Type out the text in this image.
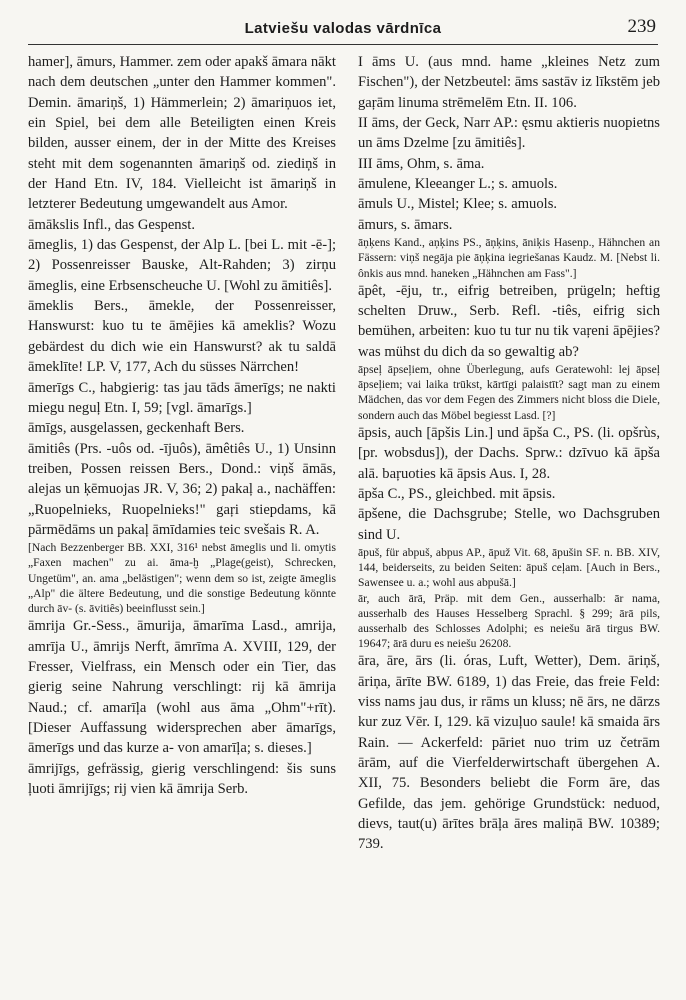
Latviešu valodas vārdnīca	239

hamer], āmurs, Hammer. zem oder apakš āmara nākt nach dem deutschen „unter den Hammer kommen". Demin. āmariņš, 1) Hämmerlein; 2) āmariņuos iet, ein Spiel, bei dem alle Beteiligten einen Kreis bilden, ausser einem, der in der Mitte des Kreises steht mit dem sogenannten āmariņš od. ziediņš in der Hand Etn. IV, 184. Vielleicht ist āmariņš in letzterer Bedeutung umgewandelt aus Amor.

āmākslis Infl., das Gespenst.

āmeglis, 1) das Gespenst, der Alp L. [bei L. mit -ē-]; 2) Possenreisser Bauske, Alt-Rahden; 3) zirņu āmeglis, eine Erbsenscheuche U. [Wohl zu āmitiês].

āmeklis Bers., āmekle, der Possenreisser, Hanswurst: kuo tu te āmējies kā ameklis? Wozu gebärdest du dich wie ein Hanswurst? ak tu saldā āmeklīte! LP. V, 177, Ach du süsses Närrchen!

āmerīgs C., habgierig: tas jau tāds āmerīgs; ne nakti miegu neguļ Etn. I, 59; [vgl. āmarīgs.]

āmīgs, ausgelassen, geckenhaft Bers.

āmitiês (Prs. -uôs od. -ījuôs), āmêtiês U., 1) Unsinn treiben, Possen reissen Bers., Dond.: viņš āmās, alejas un ķēmuojas JR. V, 36; 2) pakaļ a., nachäffen: „Ruopelnieks, Ruopelnieks!" gaŗi stiepdams, kā pārmēdāms un pakaļ āmīdamies teic svešais R. A.

[Nach Bezzenberger BB. XXI, 316¹ nebst āmeglis und li. omytis „Faxen machen" zu ai. āma-ḫ „Plage(geist), Schrecken, Ungetüm", an. ama „belästigen"; wenn dem so ist, zeigte āmeglis „Alp" die ältere Bedeutung, und die sonstige Bedeutung könnte durch āv- (s. āvitiês) beeinflusst sein.]

āmrija Gr.-Sess., āmurija, āmarīma Lasd., amrija, amrīja U., āmrijs Nerft, āmrīma A. XVIII, 129, der Fresser, Vielfrass, ein Mensch oder ein Tier, das gierig seine Nahrung verschlingt: rij kā āmrija Naud.; cf. amarīļa (wohl aus āma „Ohm"+rīt). [Dieser Auffassung widersprechen aber āmarīgs, āmerīgs und das kurze a- von amarīļa; s. dieses.]

āmrijīgs, gefrässig, gierig verschlingend: šis suns ļuoti āmrijīgs; rij vien kā āmrija Serb.

I āms U. (aus mnd. hame „kleines Netz zum Fischen"), der Netzbeutel: āms sastāv iz līkstēm jeb gaŗām linuma strēmelēm Etn. II. 106.

II āms, der Geck, Narr AP.: ęsmu aktieris nuopietns un āms Dzelme [zu āmitiês].

III āms, Ohm, s. āma.

āmulene, Kleeanger L.; s. amuols.

āmuls U., Mistel; Klee; s. amuols.

āmurs, s. āmars.

āņķens Kand., aņķins PS., āņķins, āniķis Hasenp., Hähnchen an Fässern: viņš negāja pie āņķina iegriešanas Kaudz. M. [Nebst li. ônkis aus mnd. haneken „Hähnchen am Fass".]

āpêt, -ēju, tr., eifrig betreiben, prügeln; heftig schelten Druw., Serb. Refl. -tiês, eifrig sich bemühen, arbeiten: kuo tu tur nu tik vaŗeni āpējies? was mühst du dich da so gewaltig ab?

āpseļ āpseļiem, ohne Überlegung, aufs Geratewohl: lej āpseļ āpseļiem; vai laika trūkst, kārtīgi palaistīt? sagt man zu einem Mädchen, das vor dem Fegen des Zimmers nicht bloss die Diele, sondern auch das Möbel begiesst Lasd. [?]

āpsis, auch [āpšis Lin.] und āpša C., PS. (li. opšrùs, [pr. wobsdus]), der Dachs. Sprw.: dzīvuo kā āpša alā. baŗuoties kā āpsis Aus. I, 28.

āpša C., PS., gleichbed. mit āpsis.

āpšene, die Dachsgrube; Stelle, wo Dachsgruben sind U.

āpuš, für abpuš, abpus AP., āpuž Vit. 68, āpušin SF. n. BB. XIV, 144, beiderseits, zu beiden Seiten: āpuš ceļam. [Auch in Bers., Sawensee u. a.; wohl aus abpušā.]

ār, auch ārā, Präp. mit dem Gen., ausserhalb: ār nama, ausserhalb des Hauses Hesselberg Sprachl. § 299; ārā pils, ausserhalb des Schlosses Adolphi; es neiešu ārā tirgus BW. 19647; ārā duru es neiešu 26208.

āra, āre, ārs (li. óras, Luft, Wetter), Dem. āriņš, āriņa, ārīte BW. 6189, 1) das Freie, das freie Feld: viss nams jau dus, ir rāms un kluss; nē ārs, ne dārzs kur zuz Vēr. I, 129. kā vizuļuo saule! kā smaida ārs Rain. — Ackerfeld: pāriet nuo trim uz četrām ārām, auf die Vierfelderwirtschaft übergehen A. XII, 75. Besonders beliebt die Form āre, das Gefilde, das jem. gehörige Grundstück: neduod, dievs, taut(u) ārītes brāļa āres maliņā BW. 10389; 739.
